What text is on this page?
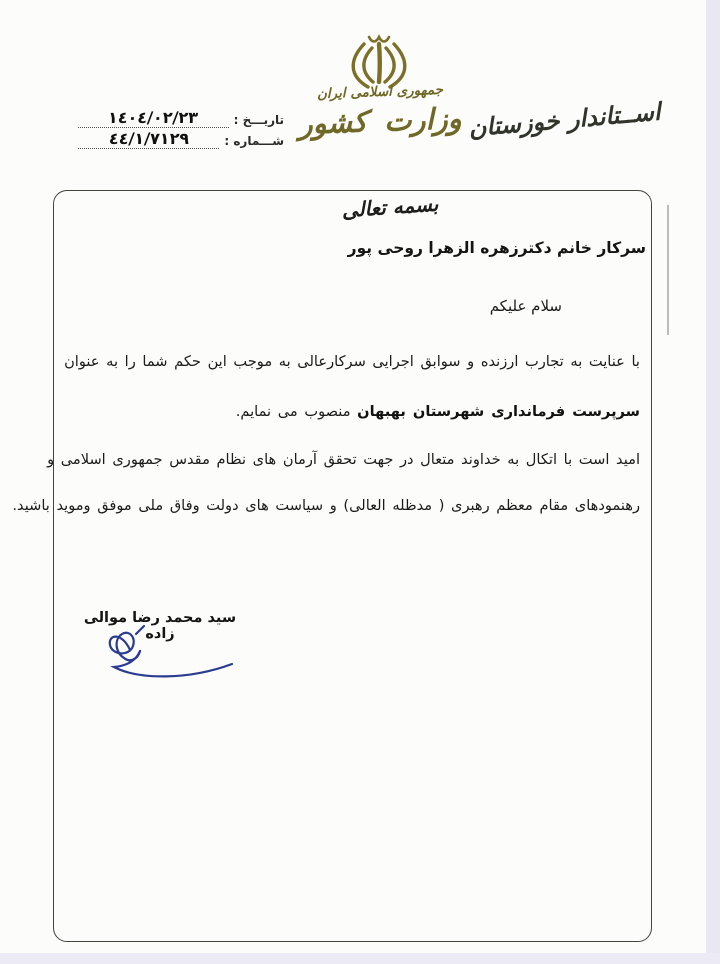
جمهوری اسلامی ایران
وزارت کشور اســتاندار خوزستان
تاریـــخ :
١٤٠٤/٠٢/٢٣
شـــماره :
٤٤/١/٧١٢٩
بسمه تعالی
سرکار خانم دکترزهره الزهرا روحی پور
سلام علیکم
با عنایت به تجارب ارزنده و سوابق اجرایی سرکارعالی به موجب این حکم شما را به عنوان
سرپرست فرمانداری شهرستان بهبهان منصوب می نمایم.
امید است با اتکال به خداوند متعال در جهت تحقق آرمان های نظام مقدس جمهوری اسلامی و
رهنمودهای مقام معظم رهبری ( مدظله العالی) و سیاست های دولت وفاق ملی موفق وموید باشید.
سید محمد رضا موالی زاده
